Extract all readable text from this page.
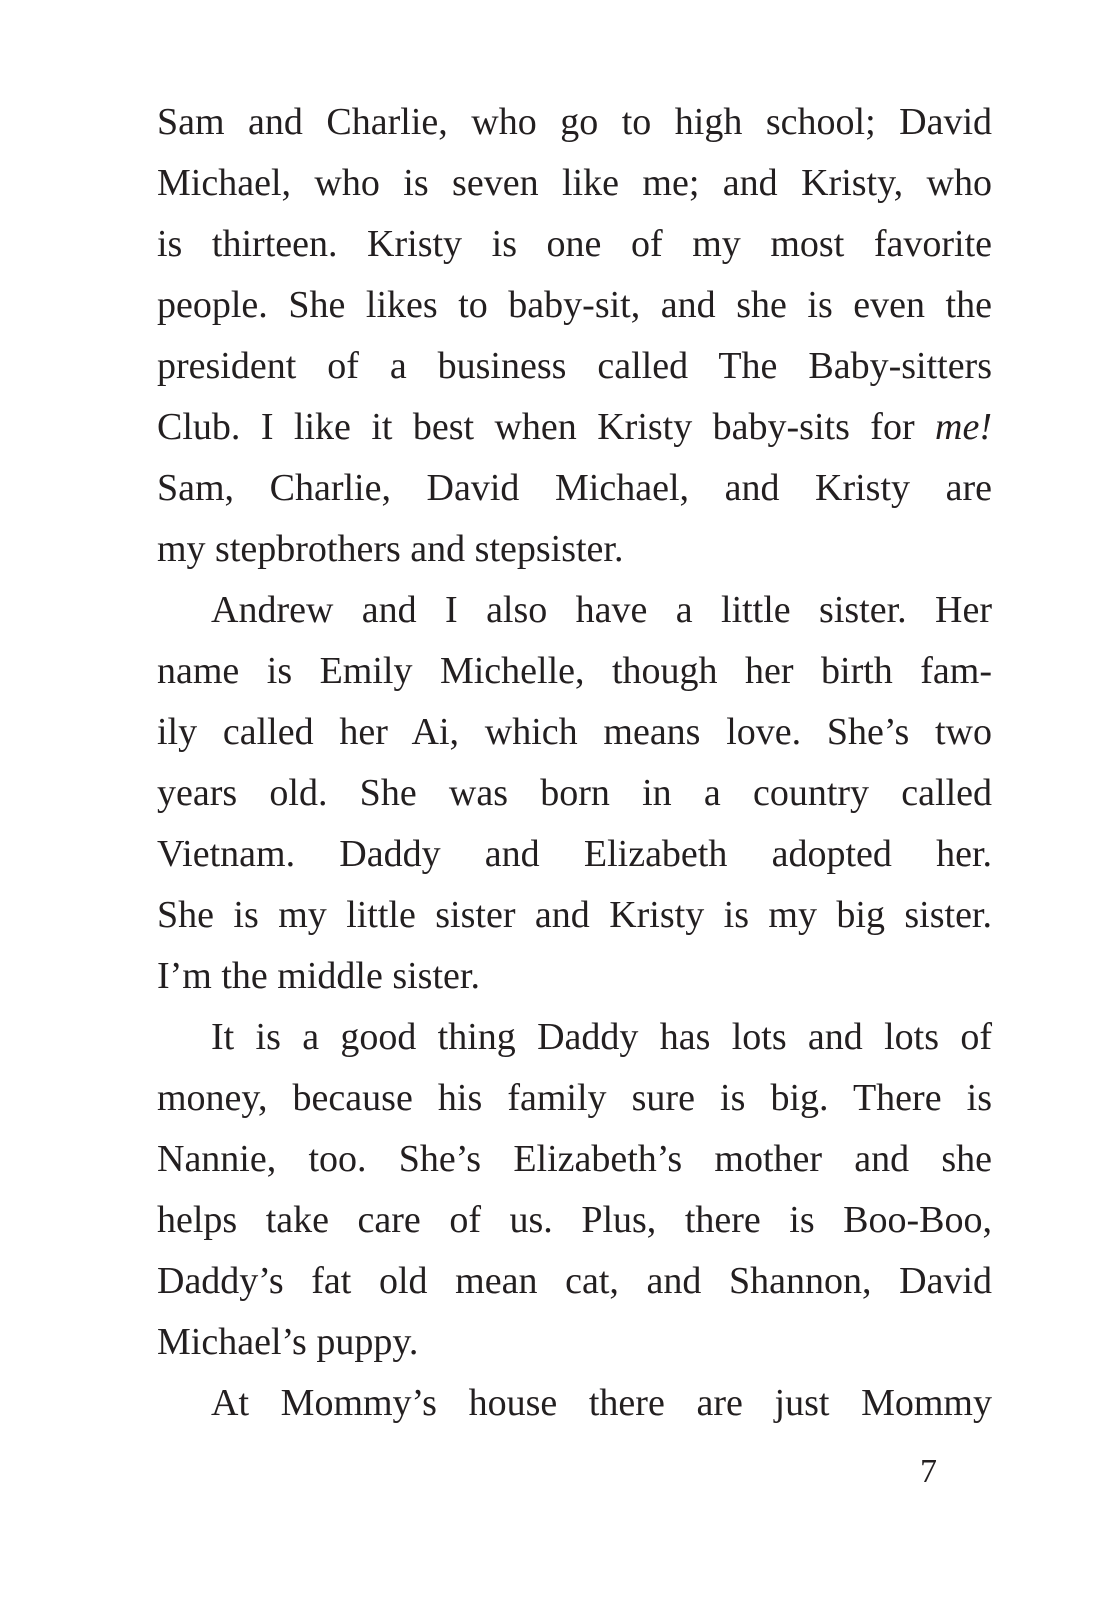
Sam and Charlie, who go to high school; David
Michael, who is seven like me; and Kristy, who
is thirteen. Kristy is one of my most favorite
people. She likes to baby-sit, and she is even the
president of a business called The Baby-sitters
Club. I like it best when Kristy baby-sits for me!
Sam, Charlie, David Michael, and Kristy are
my stepbrothers and stepsister.
Andrew and I also have a little sister. Her
name is Emily Michelle, though her birth fam-
ily called her Ai, which means love. She’s two
years old. She was born in a country called
Vietnam. Daddy and Elizabeth adopted her.
She is my little sister and Kristy is my big sister.
I’m the middle sister.
It is a good thing Daddy has lots and lots of
money, because his family sure is big. There is
Nannie, too. She’s Elizabeth’s mother and she
helps take care of us. Plus, there is Boo-Boo,
Daddy’s fat old mean cat, and Shannon, David
Michael’s puppy.
At Mommy’s house there are just Mommy
7
